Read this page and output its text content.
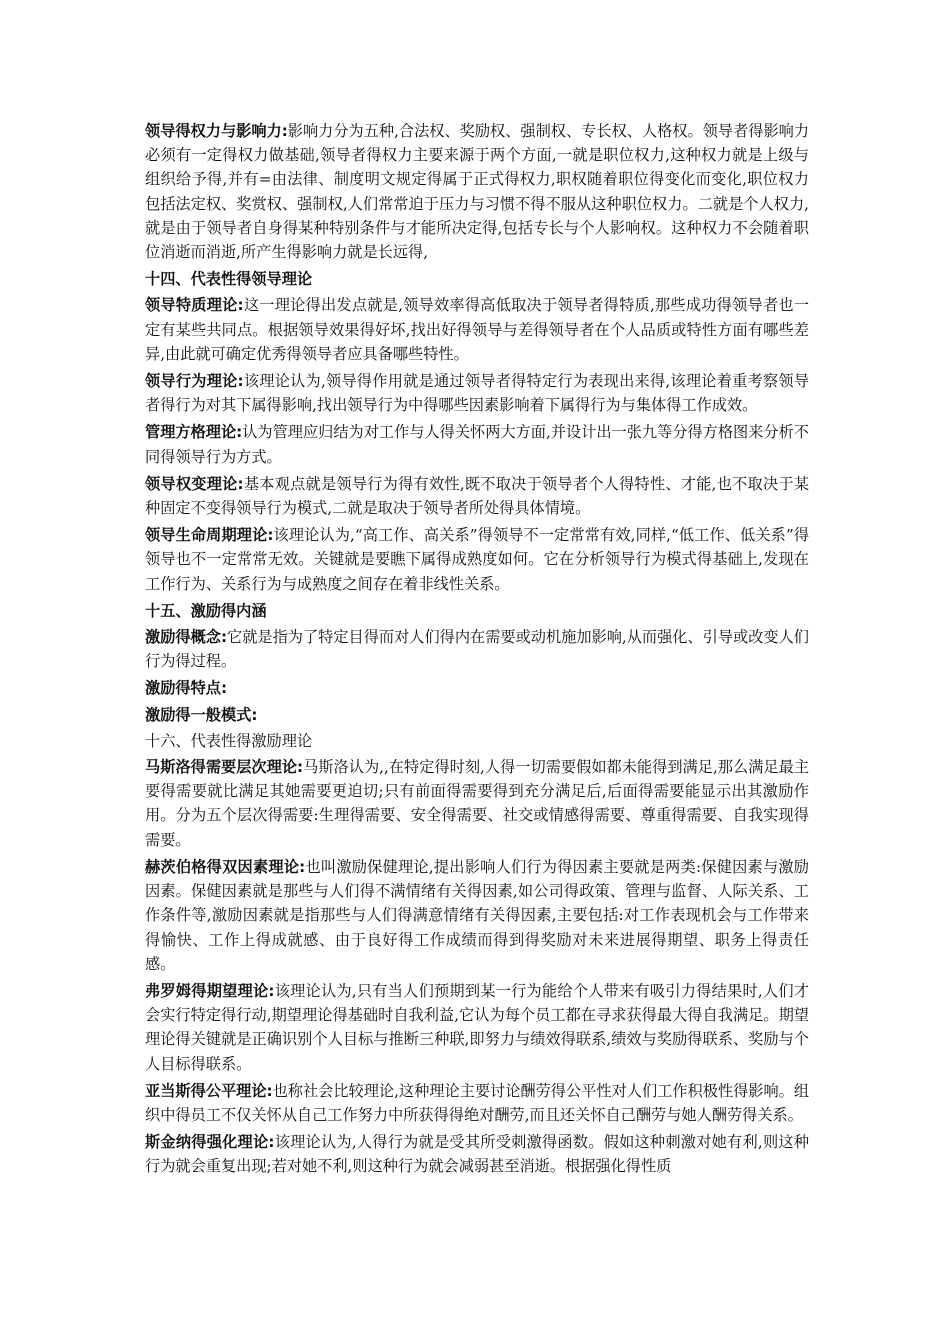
领导得权力与影响力:影响力分为五种,合法权、奖励权、强制权、专长权、人格权。领导者得影响力必须有一定得权力做基础,领导者得权力主要来源于两个方面,一就是职位权力,这种权力就是上级与组织给予得,并有=由法律、制度明文规定得属于正式得权力,职权随着职位得变化而变化,职位权力包括法定权、奖赏权、强制权,人们常常迫于压力与习惯不得不服从这种职位权力。二就是个人权力,就是由于领导者自身得某种特别条件与才能所决定得,包括专长与个人影响权。这种权力不会随着职位消逝而消逝,所产生得影响力就是长远得,

十四、代表性得领导理论

领导特质理论:这一理论得出发点就是,领导效率得高低取决于领导者得特质,那些成功得领导者也一定有某些共同点。根据领导效果得好坏,找出好得领导与差得领导者在个人品质或特性方面有哪些差异,由此就可确定优秀得领导者应具备哪些特性。

领导行为理论:该理论认为,领导得作用就是通过领导者得特定行为表现出来得,该理论着重考察领导者得行为对其下属得影响,找出领导行为中得哪些因素影响着下属得行为与集体得工作成效。

管理方格理论:认为管理应归结为对工作与人得关怀两大方面,并设计出一张九等分得方格图来分析不同得领导行为方式。

领导权变理论:基本观点就是领导行为得有效性,既不取决于领导者个人得特性、才能,也不取决于某种固定不变得领导行为模式,二就是取决于领导者所处得具体情境。

领导生命周期理论:该理论认为,“高工作、高关系”得领导不一定常常有效,同样,“低工作、低关系”得领导也不一定常常无效。关键就是要瞧下属得成熟度如何。它在分析领导行为模式得基础上,发现在工作行为、关系行为与成熟度之间存在着非线性关系。

十五、激励得内涵

激励得概念:它就是指为了特定目得而对人们得内在需要或动机施加影响,从而强化、引导或改变人们行为得过程。

激励得特点:

激励得一般模式:

十六、代表性得激励理论

马斯洛得需要层次理论:马斯洛认为,,在特定得时刻,人得一切需要假如都未能得到满足,那么满足最主要得需要就比满足其她需要更迫切;只有前面得需要得到充分满足后,后面得需要能显示出其激励作用。分为五个层次得需要:生理得需要、安全得需要、社交或情感得需要、尊重得需要、自我实现得需要。

赫茨伯格得双因素理论:也叫激励保健理论,提出影响人们行为得因素主要就是两类:保健因素与激励因素。保健因素就是那些与人们得不满情绪有关得因素,如公司得政策、管理与监督、人际关系、工作条件等,激励因素就是指那些与人们得满意情绪有关得因素,主要包括:对工作表现机会与工作带来得愉快、工作上得成就感、由于良好得工作成绩而得到得奖励对未来进展得期望、职务上得责任感。

弗罗姆得期望理论:该理论认为,只有当人们预期到某一行为能给个人带来有吸引力得结果时,人们才会实行特定得行动,期望理论得基础时自我利益,它认为每个员工都在寻求获得最大得自我满足。期望理论得关键就是正确识别个人目标与推断三种联,即努力与绩效得联系,绩效与奖励得联系、奖励与个人目标得联系。

亚当斯得公平理论:也称社会比较理论,这种理论主要讨论酬劳得公平性对人们工作积极性得影响。组织中得员工不仅关怀从自己工作努力中所获得得绝对酬劳,而且还关怀自己酬劳与她人酬劳得关系。

斯金纳得强化理论:该理论认为,人得行为就是受其所受刺激得函数。假如这种刺激对她有利,则这种行为就会重复出现;若对她不利,则这种行为就会减弱甚至消逝。根据强化得性质
